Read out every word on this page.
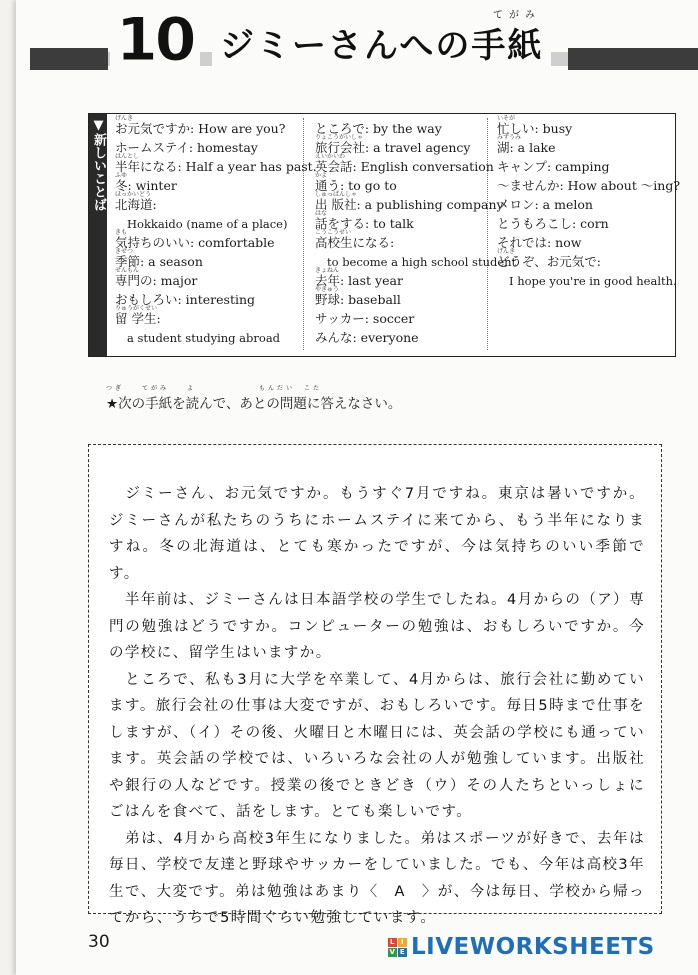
10 ジミーさんへの手紙
てがみ
▼新しいことば げんき
お元気ですか: How are you?
ホームステイ: homestay
はんとし
半年になる: Half a year has past.
ふゆ
冬: winter
ほっかいどう
北海道:
Hokkaido (name of a place)
きも
気持ちのいい: comfortable
きせつ
季節: a season
せんもん
専門の: major
おもしろい: interesting
りゅうがくせい
留 学生:
a student studying abroad
ところで: by the way
りょこうがいしゃ
旅行会社: a travel agency
えいかいわ
英会話: English conversation
かよ
通う: to go to
しゅっぱんしゃ
出 版社: a publishing company
はな
話をする: to talk
こうこうせい
高校生になる:
to become a high school student
きょねん
去年: last year
やきゅう
野球: baseball
サッカー: soccer
みんな: everyone
いそが
忙しい: busy
みずうみ
湖: a lake
キャンプ: camping
〜ませんか: How about 〜ing?
メロン: a melon
とうもろこし: corn
それでは: now
げんき
どうぞ、お元気で:
I hope you're in good health.
つぎ　　てがみ　　よ　　　　　　　もんだい　こた
★次の手紙を読んで、あとの問題に答えなさい。

　ジミーさん、お元気ですか。もうすぐ7月ですね。東京は暑いですか。ジミーさんが私たちのうちにホームステイに来てから、もう半年になりますね。冬の北海道は、とても寒かったですが、今は気持ちのいい季節です。

　半年前は、ジミーさんは日本語学校の学生でしたね。4月からの（ア）専門の勉強はどうですか。コンピューターの勉強は、おもしろいですか。今の学校に、留学生はいますか。

　ところで、私も3月に大学を卒業して、4月からは、旅行会社に勤めています。旅行会社の仕事は大変ですが、おもしろいです。毎日5時まで仕事をしますが、（イ）その後、火曜日と木曜日には、英会話の学校にも通っています。英会話の学校では、いろいろな会社の人が勉強しています。出版社や銀行の人などです。授業の後でときどき（ウ）その人たちといっしょにごはんを食べて、話をします。とても楽しいです。

　弟は、4月から高校3年生になりました。弟はスポーツが好きで、去年は毎日、学校で友達と野球やサッカーをしていました。でも、今年は高校3年生で、大変です。弟は勉強はあまり〈　A　〉が、今は毎日、学校から帰ってから、うちで5時間ぐらい勉強しています。

30	L I
V E LIVEWORKSHEETS
